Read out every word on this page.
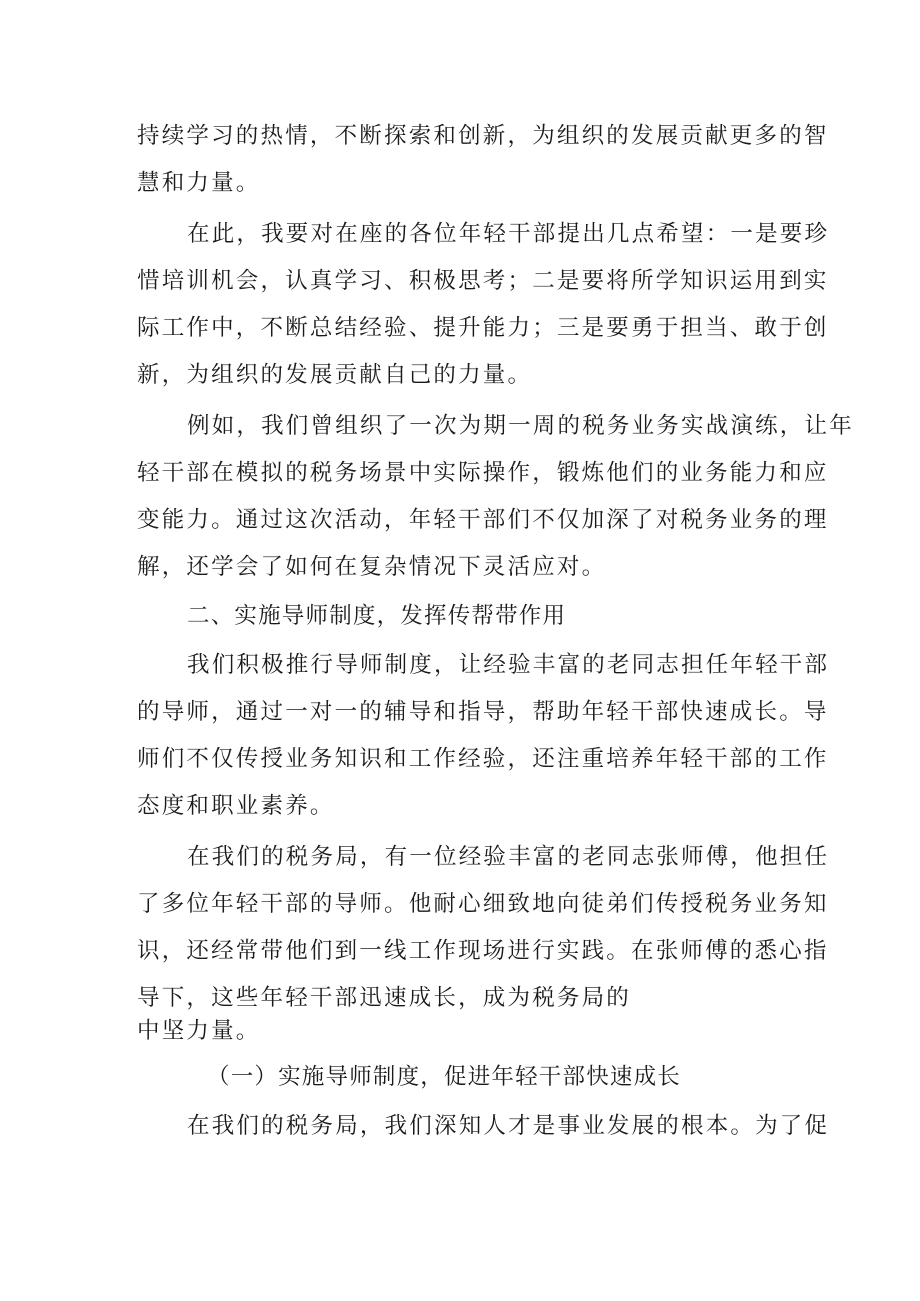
持续学习的热情，不断探索和创新，为组织的发展贡献更多的智
慧和力量。
在此，我要对在座的各位年轻干部提出几点希望：一是要珍
惜培训机会，认真学习、积极思考；二是要将所学知识运用到实
际工作中，不断总结经验、提升能力；三是要勇于担当、敢于创
新，为组织的发展贡献自己的力量。
例如，我们曾组织了一次为期一周的税务业务实战演练，让年
轻干部在模拟的税务场景中实际操作，锻炼他们的业务能力和应
变能力。通过这次活动，年轻干部们不仅加深了对税务业务的理
解，还学会了如何在复杂情况下灵活应对。
二、实施导师制度，发挥传帮带作用
我们积极推行导师制度，让经验丰富的老同志担任年轻干部
的导师，通过一对一的辅导和指导，帮助年轻干部快速成长。导
师们不仅传授业务知识和工作经验，还注重培养年轻干部的工作
态度和职业素养。
在我们的税务局，有一位经验丰富的老同志张师傅，他担任
了多位年轻干部的导师。他耐心细致地向徒弟们传授税务业务知
识，还经常带他们到一线工作现场进行实践。在张师傅的悉心指
导下，这些年轻干部迅速成长，成为税务局的
中坚力量。
（一）实施导师制度，促进年轻干部快速成长
在我们的税务局，我们深知人才是事业发展的根本。为了促
